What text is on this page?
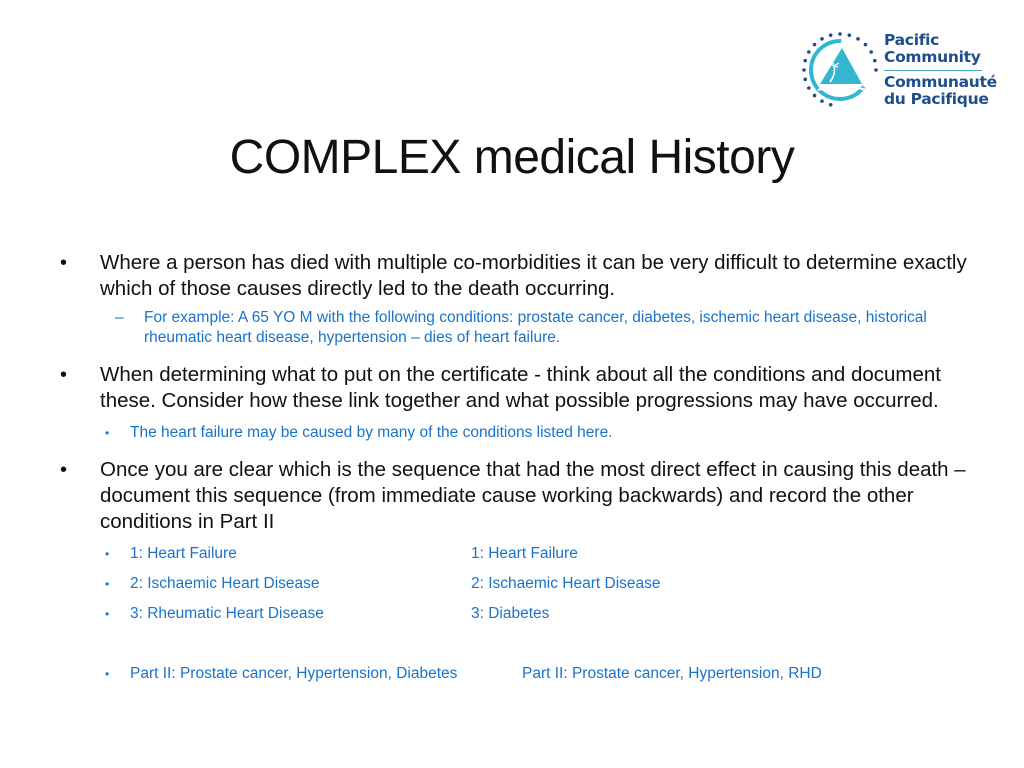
Pacific
Community
Communauté
du Pacifique
COMPLEX medical History
• Where a person has died with multiple co-morbidities it can be very difficult to determine exactly which of those causes directly led to the death occurring.
– For example: A 65 YO M with the following conditions: prostate cancer, diabetes, ischemic heart disease, historical rheumatic heart disease, hypertension – dies of heart failure.
• When determining what to put on the certificate - think about all the conditions and document these. Consider how these link together and what possible progressions may have occurred.
• The heart failure may be caused by many of the conditions listed here.
• Once you are clear which is the sequence that had the most direct effect in causing this death – document this sequence (from immediate cause working backwards) and record the other conditions in Part II
• 1: Heart Failure	1: Heart Failure
• 2: Ischaemic Heart Disease	2: Ischaemic Heart Disease
• 3: Rheumatic Heart Disease	3: Diabetes
• Part II: Prostate cancer, Hypertension, Diabetes	Part II: Prostate cancer, Hypertension, RHD
